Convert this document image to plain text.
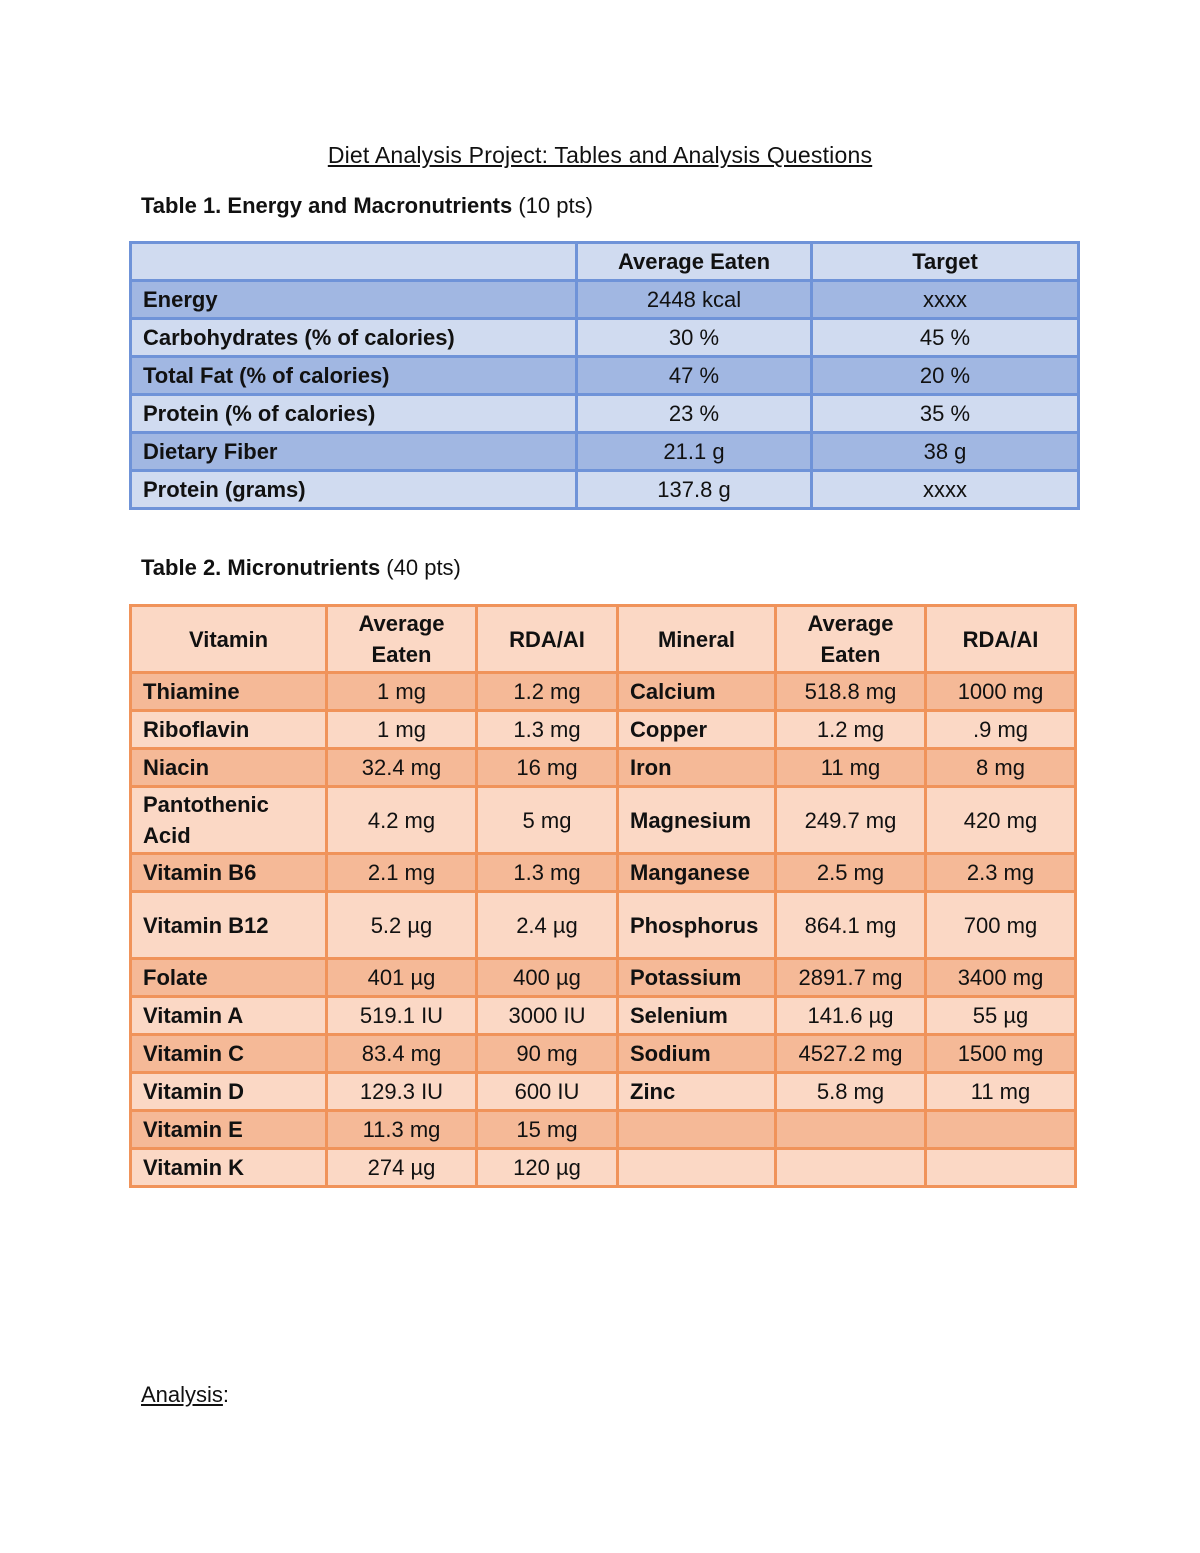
Diet Analysis Project: Tables and Analysis Questions
Table 1. Energy and Macronutrients (10 pts)
	Average Eaten	Target
Energy	2448 kcal	xxxx
Carbohydrates (% of calories)	30 %	45 %
Total Fat (% of calories)	47 %	20 %
Protein (% of calories)	23 %	35 %
Dietary Fiber	21.1 g	38 g
Protein (grams)	137.8 g	xxxx
Table 2. Micronutrients (40 pts)
Vitamin	Average Eaten	RDA/AI	Mineral	Average Eaten	RDA/AI
Thiamine	1 mg	1.2 mg	Calcium	518.8 mg	1000 mg
Riboflavin	1 mg	1.3 mg	Copper	1.2 mg	.9 mg
Niacin	32.4 mg	16 mg	Iron	11 mg	8 mg
Pantothenic Acid	4.2 mg	5 mg	Magnesium	249.7 mg	420 mg
Vitamin B6	2.1 mg	1.3 mg	Manganese	2.5 mg	2.3 mg
Vitamin B12	5.2 µg	2.4 µg	Phosphorus	864.1 mg	700 mg
Folate	401 µg	400 µg	Potassium	2891.7 mg	3400 mg
Vitamin A	519.1 IU	3000 IU	Selenium	141.6 µg	55 µg
Vitamin C	83.4 mg	90 mg	Sodium	4527.2 mg	1500 mg
Vitamin D	129.3 IU	600 IU	Zinc	5.8 mg	11 mg
Vitamin E	11.3 mg	15 mg			
Vitamin K	274 µg	120 µg			
Analysis:
